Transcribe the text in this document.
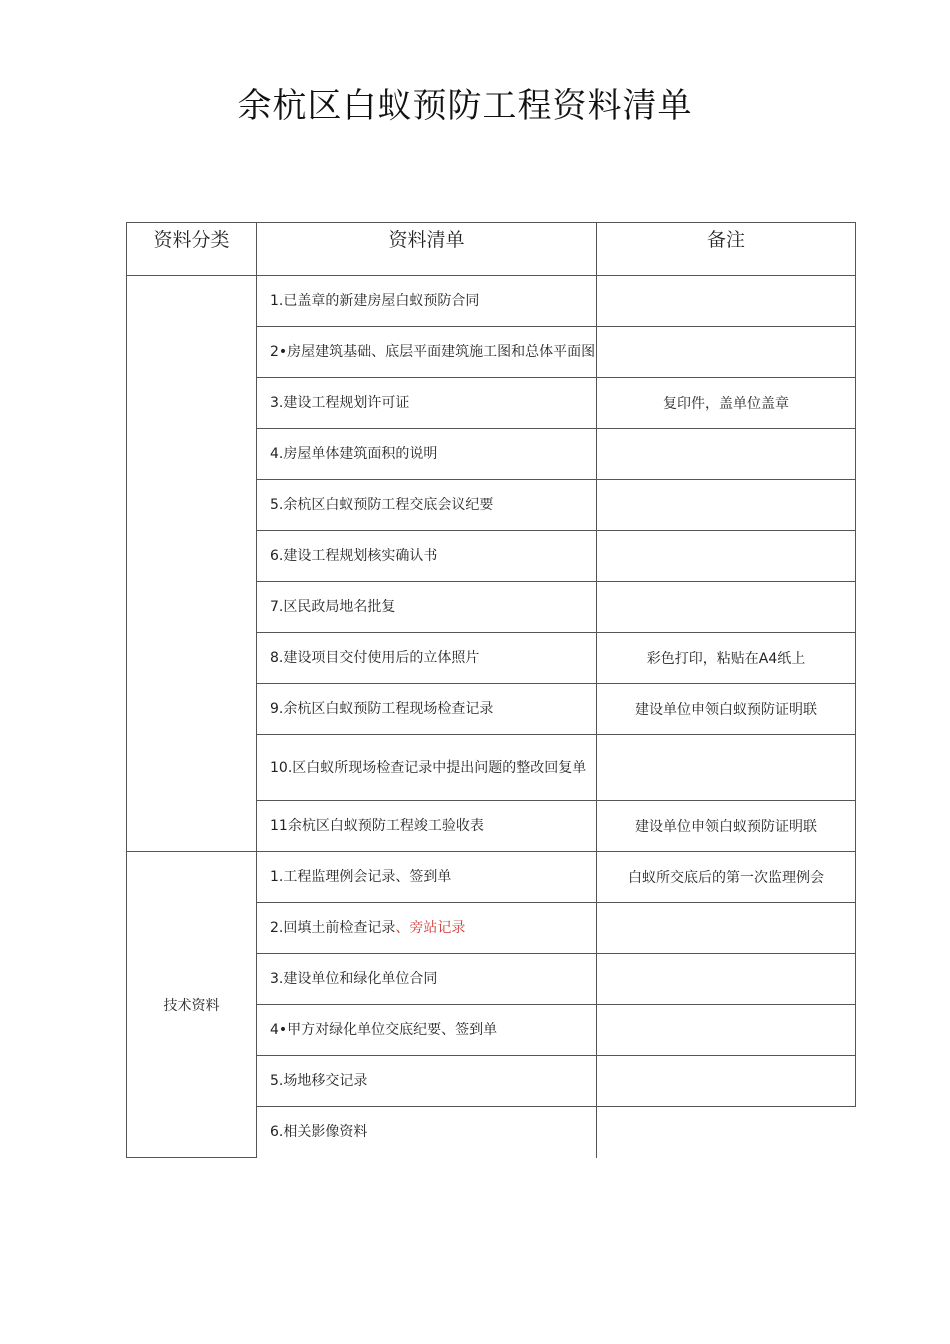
余杭区白蚁预防工程资料清单
资料分类	资料清单	备注
	1.已盖章的新建房屋白蚁预防合同	
	2•房屋建筑基础、底层平面建筑施工图和总体平面图	
	3.建设工程规划许可证	复印件，盖单位盖章
	4.房屋单体建筑面积的说明	
	5.余杭区白蚁预防工程交底会议纪要	
	6.建设工程规划核实确认书	
	7.区民政局地名批复	
	8.建设项目交付使用后的立体照片	彩色打印，粘贴在A4纸上
	9.余杭区白蚁预防工程现场检查记录	建设单位申领白蚁预防证明联
	10.区白蚁所现场检查记录中提出问题的整改回复单	
	11余杭区白蚁预防工程竣工验收表	建设单位申领白蚁预防证明联
技术资料	1.工程监理例会记录、签到单	白蚁所交底后的第一次监理例会
	2.回填土前检查记录、旁站记录	
	3.建设单位和绿化单位合同	
	4•甲方对绿化单位交底纪要、签到单	
	5.场地移交记录	
	6.相关影像资料	
